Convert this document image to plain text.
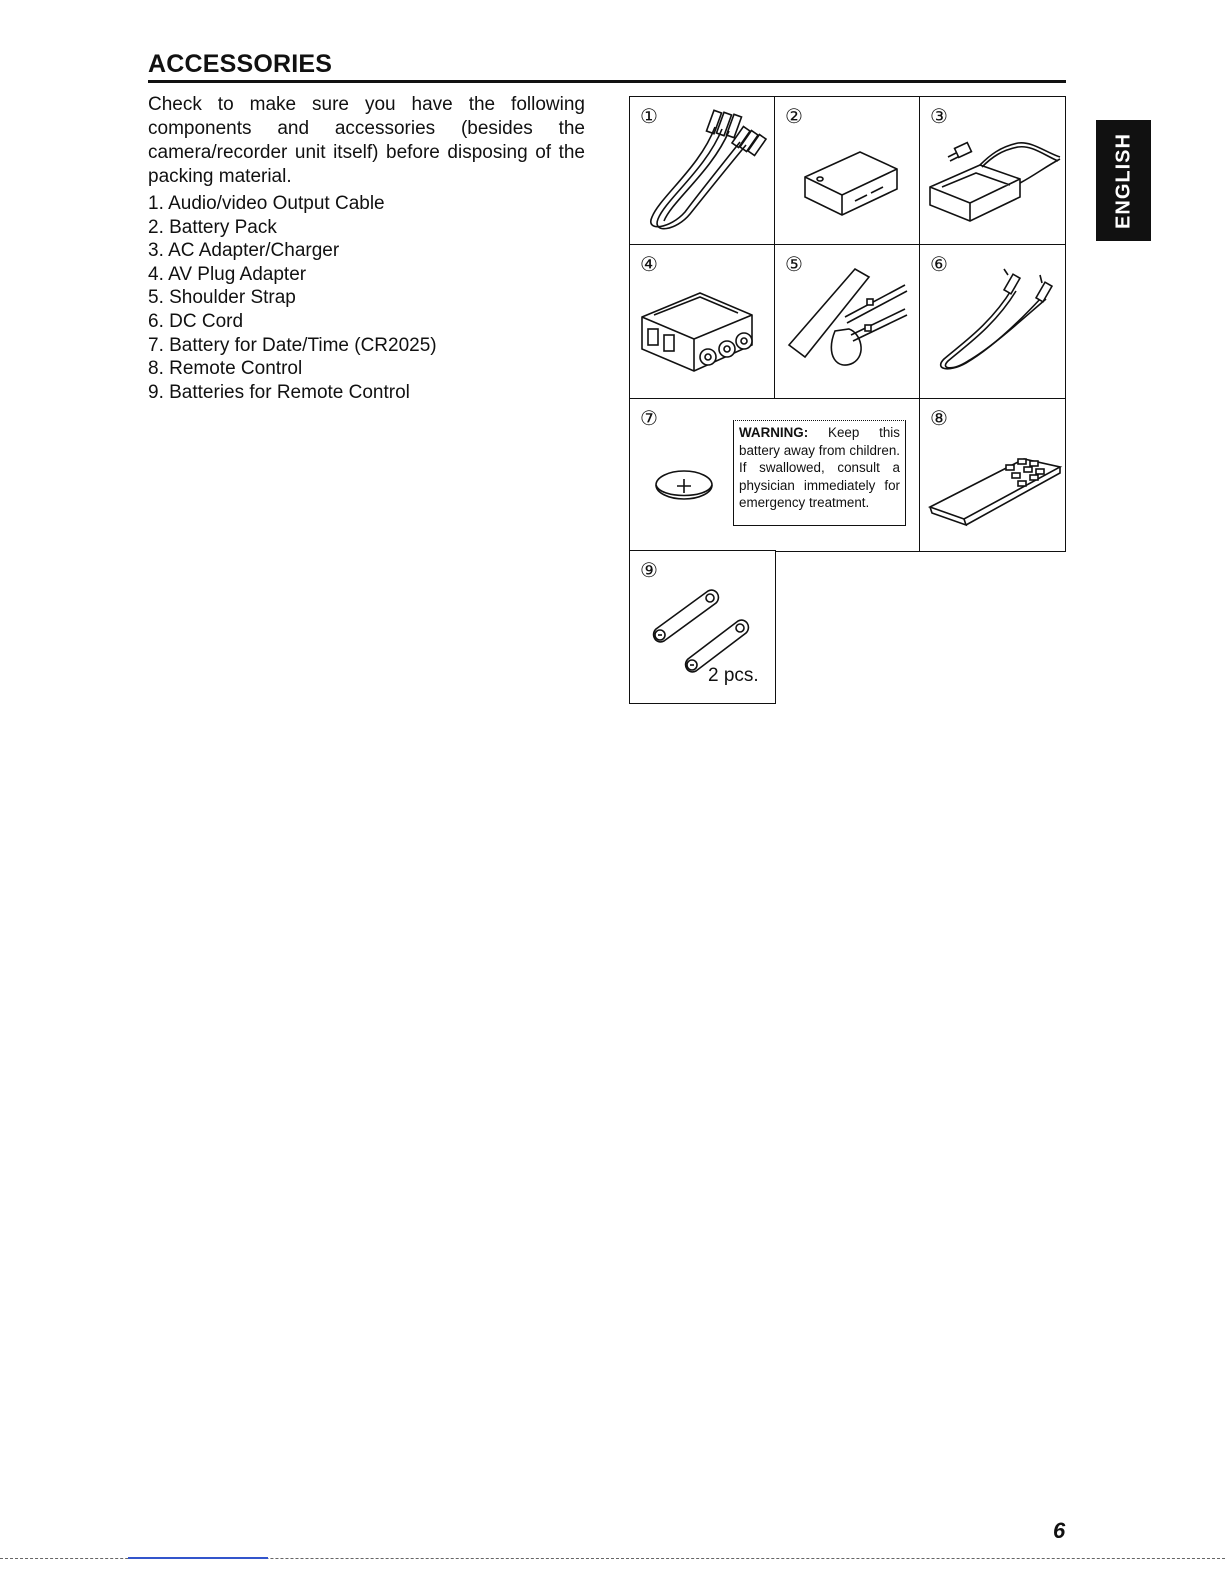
ACCESSORIES

Check to make sure you have the following components and accessories (besides the camera/recorder unit itself) before disposing of the packing material.

1. Audio/video Output Cable
2. Battery Pack
3. AC Adapter/Charger
4. AV Plug Adapter
5. Shoulder Strap
6. DC Cord
7. Battery for Date/Time (CR2025)
8. Remote Control
9. Batteries for Remote Control
ENGLISH
①	②	③
④	⑤	⑥
⑦
WARNING: Keep this battery away from children. If swallowed, consult a physician immediately for emergency treatment.
⑧
⑨
2 pcs.
6
